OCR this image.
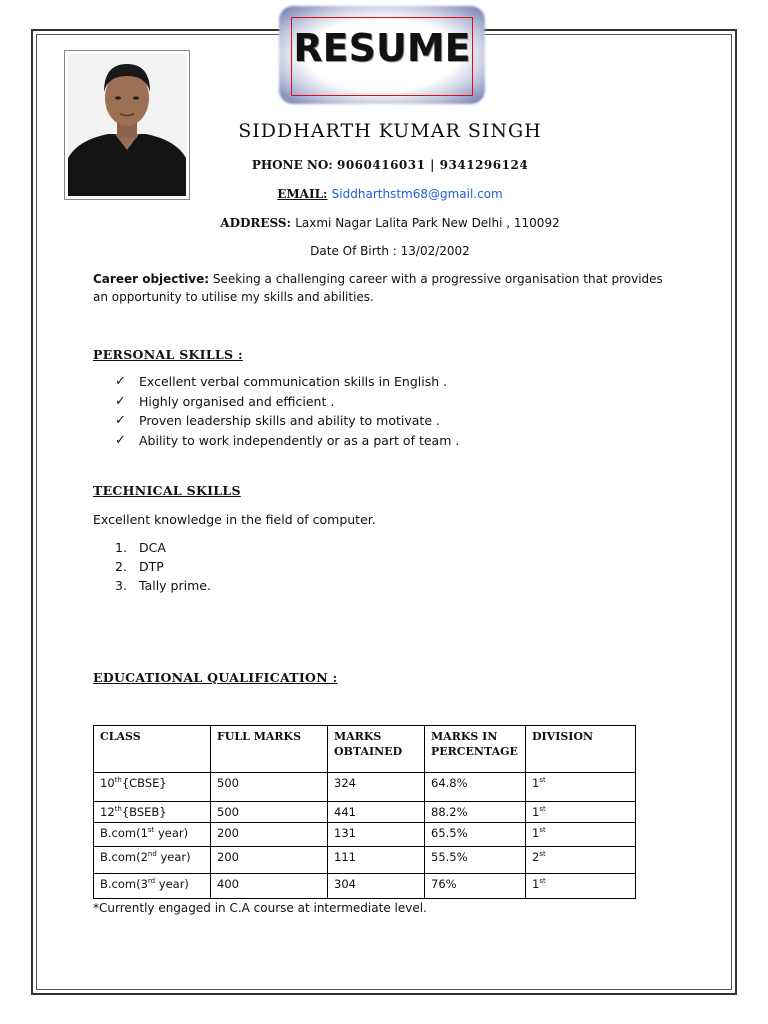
RESUME
SIDDHARTH KUMAR SINGH
PHONE NO: 9060416031 | 9341296124
EMAIL: Siddharthstm68@gmail.com
ADDRESS: Laxmi Nagar Lalita Park New Delhi , 110092
Date Of Birth : 13/02/2002
Career objective: Seeking a challenging career with a progressive organisation that provides an opportunity to utilise my skills and abilities.
PERSONAL SKILLS :
✓	Excellent verbal communication skills in English .
✓	Highly organised and efficient .
✓	Proven leadership skills and ability to motivate .
✓	Ability to work independently or as a part of team .
TECHNICAL SKILLS
Excellent knowledge in the field of computer.
1. DCA
2. DTP
3. Tally prime.
EDUCATIONAL QUALIFICATION :
CLASS	FULL MARKS	MARKS OBTAINED	MARKS IN PERCENTAGE	DIVISION
10th{CBSE}	500	324	64.8%	1st
12th{BSEB}	500	441	88.2%	1st
B.com(1st year)	200	131	65.5%	1st
B.com(2nd year)	200	111	55.5%	2st
B.com(3rd year)	400	304	76%	1st
*Currently engaged in C.A course at intermediate level.
